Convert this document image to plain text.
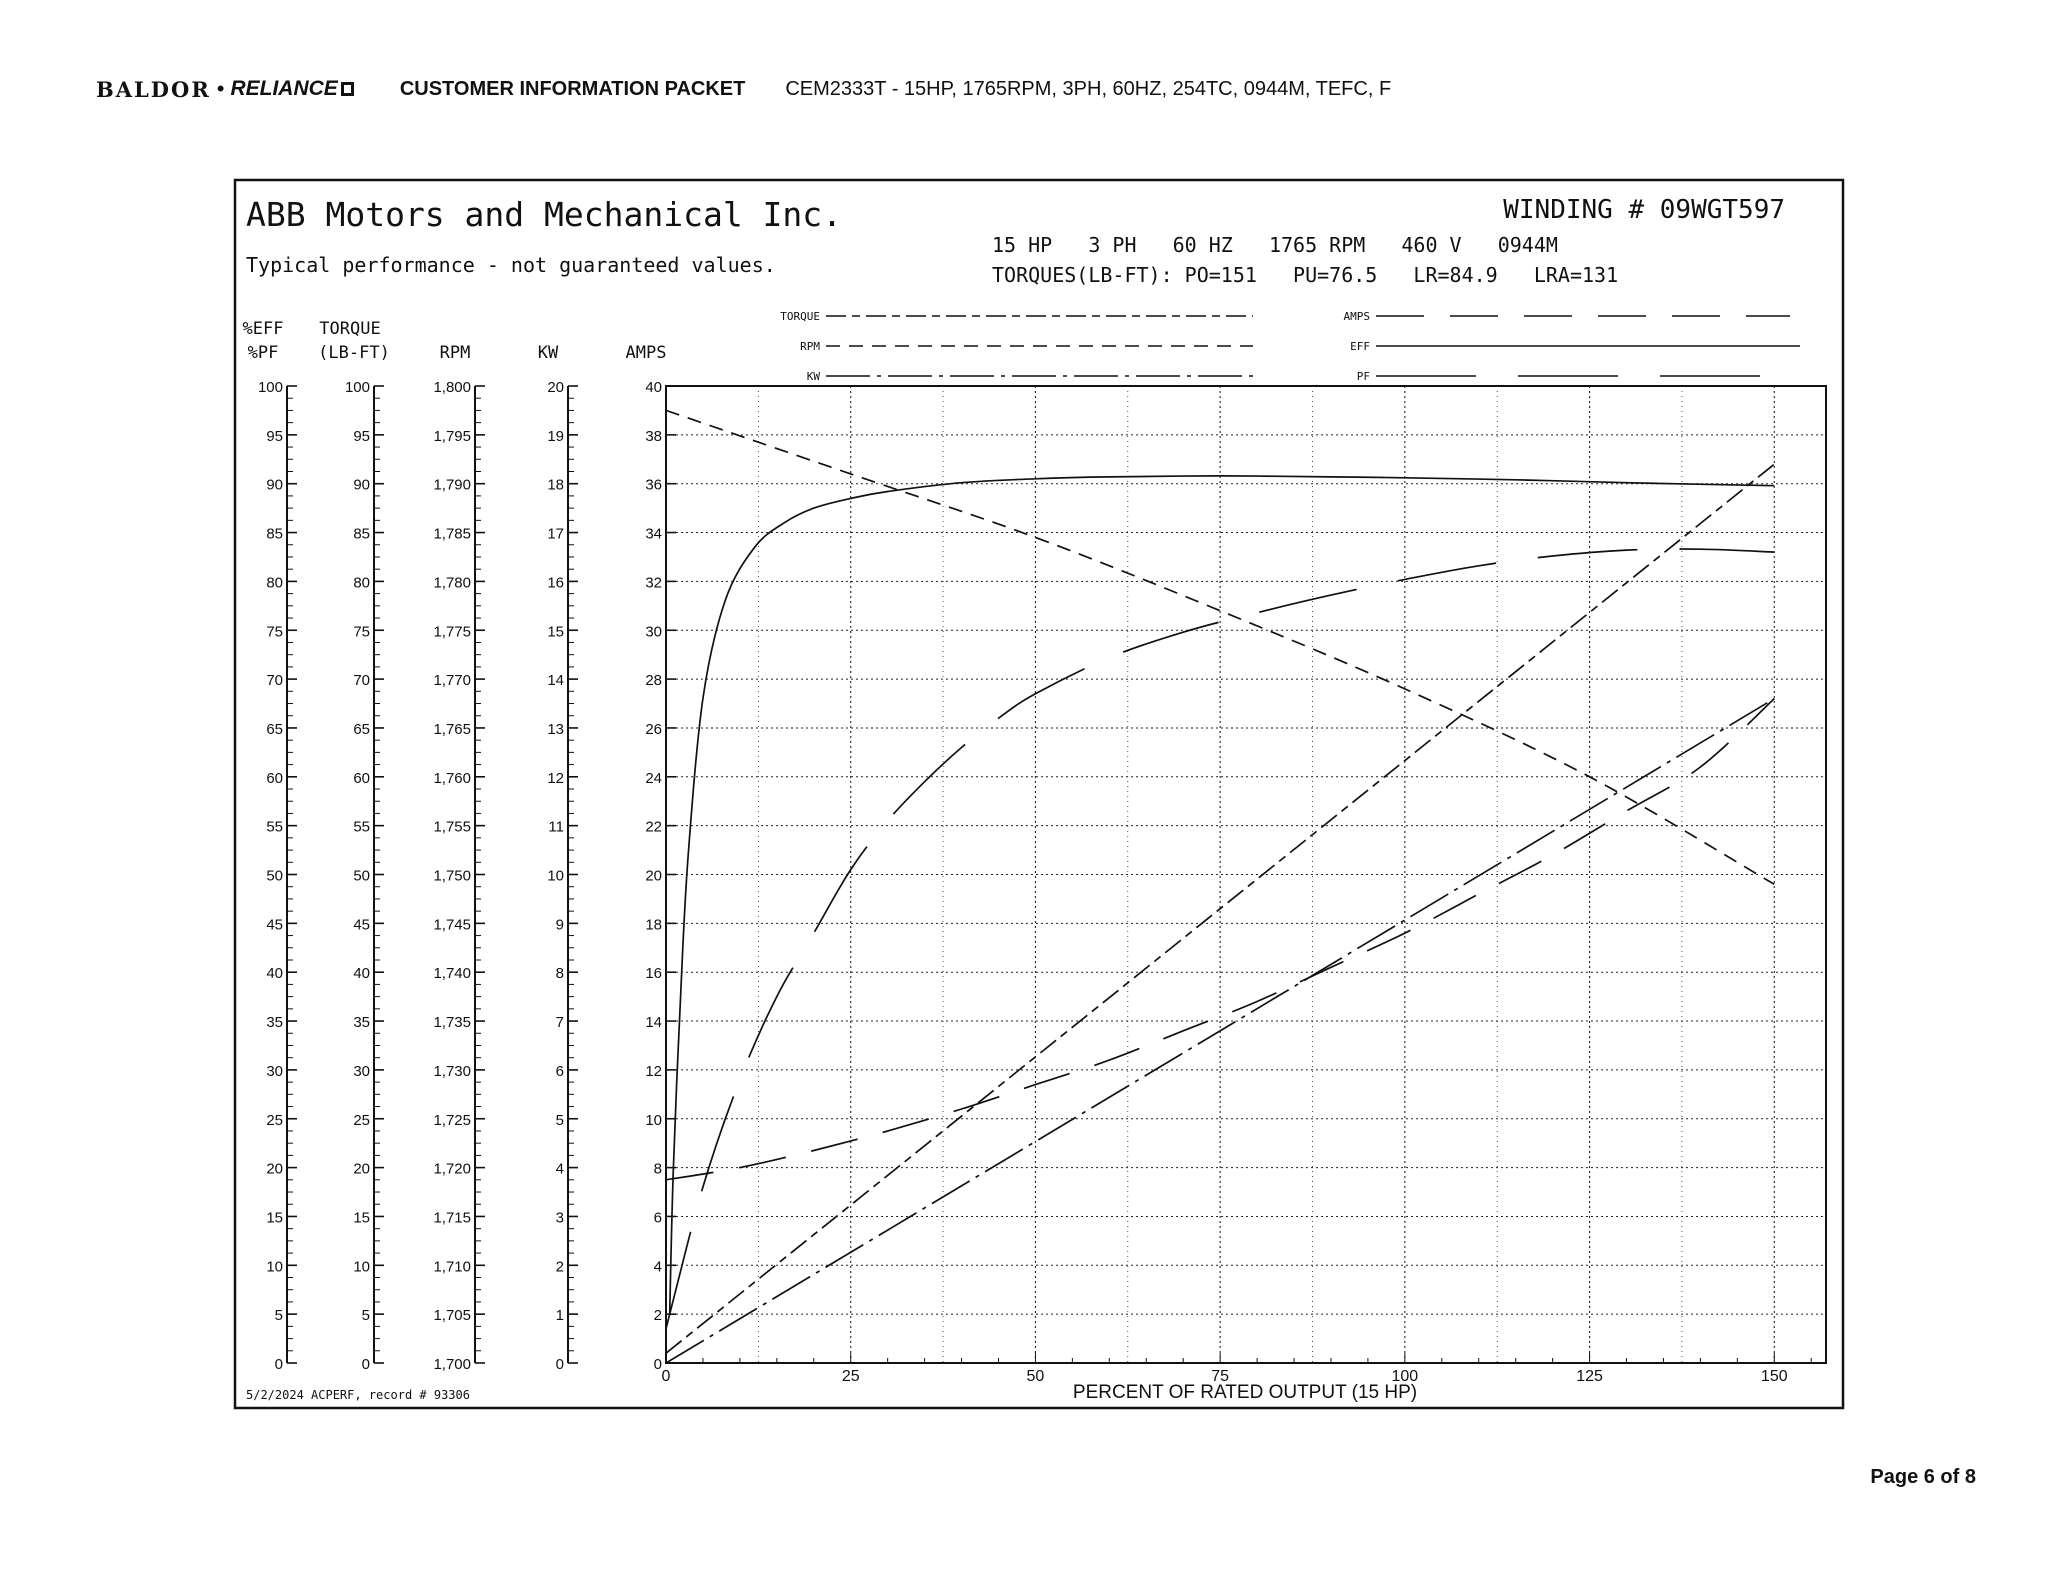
BALDOR • RELIANCE	CUSTOMER INFORMATION PACKET CEM2333T - 15HP, 1765RPM, 3PH, 60HZ, 254TC, 0944M, TEFC, F
ABB Motors and Mechanical Inc.
Typical performance - not guaranteed values.
WINDING # 09WGT597
15 HP   3 PH   60 HZ   1765 RPM   460 V   0944M
TORQUES(LB-FT): PO=151   PU=76.5   LR=84.9   LRA=131
5/2/2024 ACPERF, record # 93306	PERCENT OF RATED OUTPUT (15 HP)
0
5
10
15
20
25
30
35
40
45
50
55
60
65
70
75
80
85
90
95
100
%EFF
%PF
0
5
10
15
20
25
30
35
40
45
50
55
60
65
70
75
80
85
90
95
100
TORQUE
(LB-FT)
1,700
1,705
1,710
1,715
1,720
1,725
1,730
1,735
1,740
1,745
1,750
1,755
1,760
1,765
1,770
1,775
1,780
1,785
1,790
1,795
1,800
RPM
0
1
2
3
4
5
6
7
8
9
10
11
12
13
14
15
16
17
18
19
20
KW
0
2
4
6
8
10
12
14
16
18
20
22
24
26
28
30
32
34
36
38
40
AMPS
0	25	50	75	100	125	150
TORQUE
RPM
KW
AMPS
EFF
PF
Page 6 of 8
